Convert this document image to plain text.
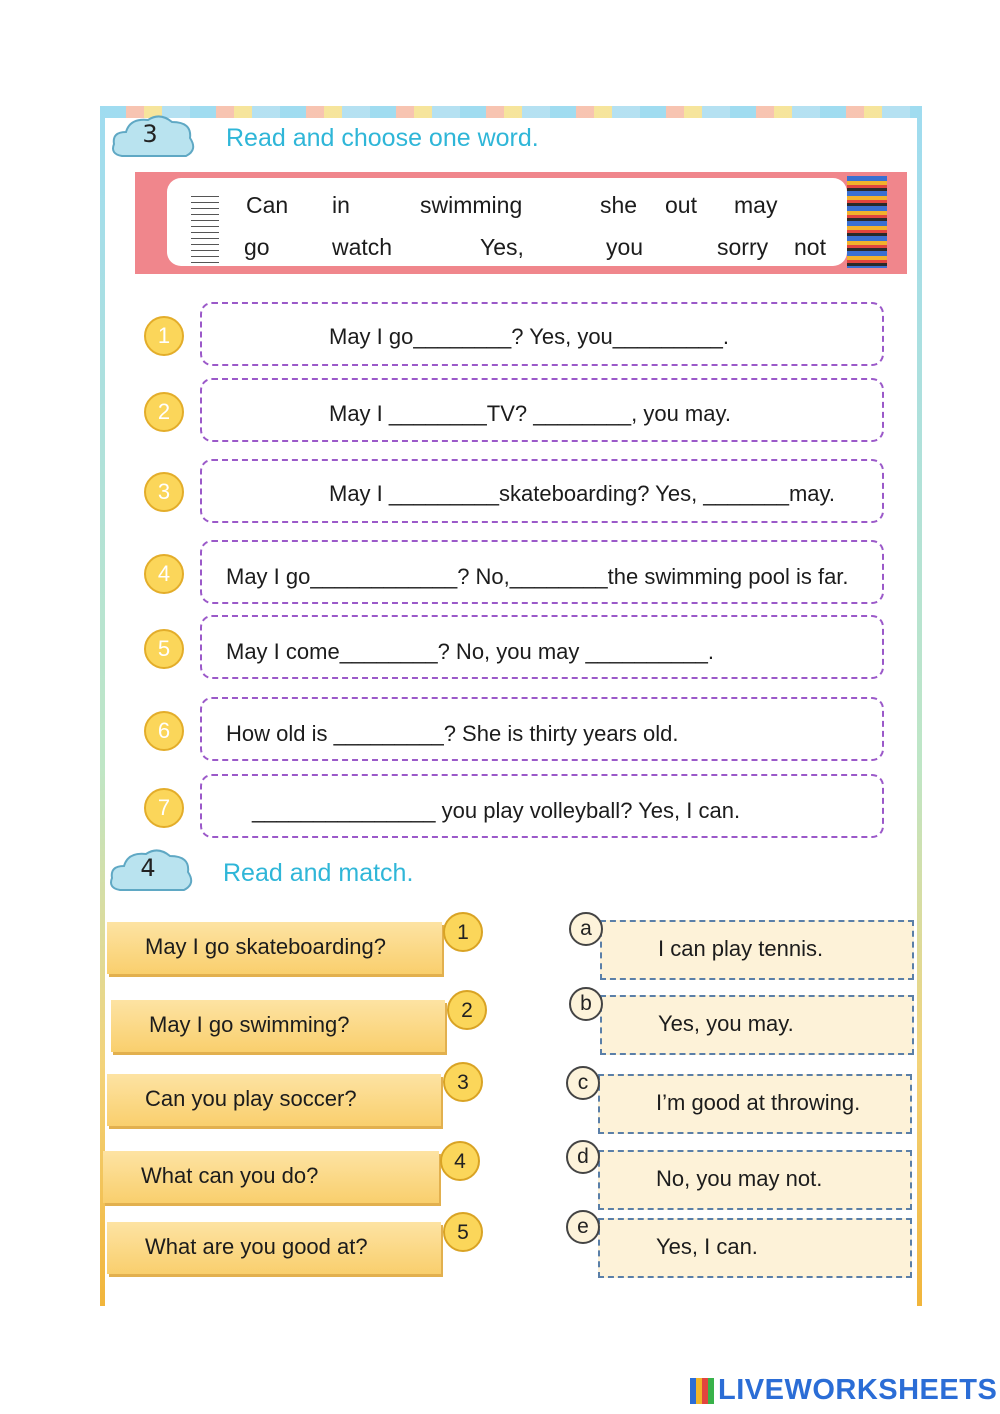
3	Read and choose one word.
Can in	swimming	she out may
go	watch	Yes,	you	sorry not
1	May I go________? Yes, you_________.
2	May I ________TV? ________, you may.
3	May I _________skateboarding? Yes, _______may.
4	May I go____________? No,________the swimming pool is far.
5	May I come________? No, you may __________.
6	How old is _________? She is thirty years old.
7	_______________ you play volleyball? Yes, I can.
4	Read and match.
May I go skateboarding?
1
May I go swimming?
2
Can you play soccer?
3
What can you do?
4
What are you good at?
5
I can play tennis.
a
Yes, you may.
b
I’m good at throwing.
c
No, you may not.
d
Yes, I can.
e
LIVEWORKSHEETS
